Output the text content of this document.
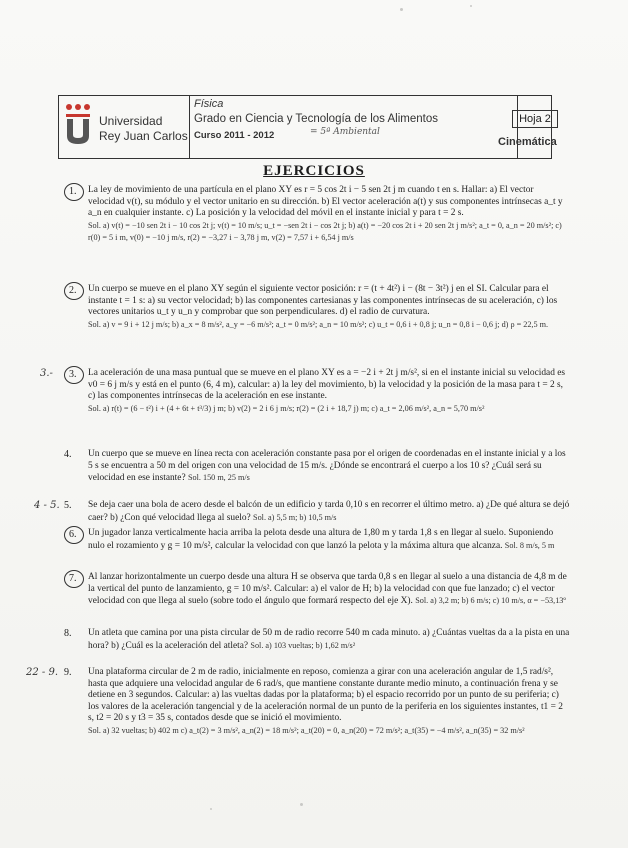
Universidad
Rey Juan Carlos
Física
Grado en Ciencia y Tecnología de los Alimentos
Curso 2011 - 2012	= 5ª Ambiental
Hoja 2
Cinemática
EJERCICIOS
1. La ley de movimiento de una partícula en el plano XY es r = 5 cos 2t i − 5 sen 2t j m cuando t en s. Hallar: a) El vector velocidad v(t), su módulo y el vector unitario en su dirección. b) El vector aceleración a(t) y sus componentes intrínsecas a_t y a_n en cualquier instante. c) La posición y la velocidad del móvil en el instante inicial y para t = 2 s.
Sol. a) v(t) = −10 sen 2t i − 10 cos 2t j; v(t) = 10 m/s; u_t = −sen 2t i − cos 2t j; b) a(t) = −20 cos 2t i + 20 sen 2t j m/s²; a_t = 0, a_n = 20 m/s²; c) r(0) = 5 i m, v(0) = −10 j m/s, r(2) = −3,27 i − 3,78 j m, v(2) = 7,57 i + 6,54 j m/s
2. Un cuerpo se mueve en el plano XY según el siguiente vector posición: r = (t + 4t²) i − (8t − 3t²) j en el SI. Calcular para el instante t = 1 s: a) su vector velocidad; b) las componentes cartesianas y las componentes intrínsecas de su aceleración, c) los vectores unitarios u_t y u_n y comprobar que son perpendiculares. d) el radio de curvatura.
Sol. a) v = 9 i + 12 j m/s; b) a_x = 8 m/s², a_y = −6 m/s²; a_t = 0 m/s²; a_n = 10 m/s²; c) u_t = 0,6 i + 0,8 j; u_n = 0,8 i − 0,6 j; d) ρ = 22,5 m.
3.- 3. La aceleración de una masa puntual que se mueve en el plano XY es a = −2 i + 2t j m/s², si en el instante inicial su velocidad es v0 = 6 j m/s y está en el punto (6, 4 m), calcular: a) la ley del movimiento, b) la velocidad y la posición de la masa para t = 2 s, c) las componentes intrínsecas de la aceleración en ese instante.
Sol. a) r(t) = (6 − t²) i + (4 + 6t + t³/3) j m; b) v(2) = 2 i 6 j m/s; r(2) = (2 i + 18,7 j) m; c) a_t = 2,06 m/s², a_n = 5,70 m/s²
4. Un cuerpo que se mueve en línea recta con aceleración constante pasa por el origen de coordenadas en el instante inicial y a los 5 s se encuentra a 50 m del origen con una velocidad de 15 m/s. ¿Dónde se encontrará el cuerpo a los 10 s? ¿Cuál será su velocidad en ese instante? Sol. 150 m, 25 m/s
4 - 5. 5. Se deja caer una bola de acero desde el balcón de un edificio y tarda 0,10 s en recorrer el último metro. a) ¿De qué altura se dejó caer? b) ¿Con qué velocidad llega al suelo? Sol. a) 5,5 m; b) 10,5 m/s
6. Un jugador lanza verticalmente hacia arriba la pelota desde una altura de 1,80 m y tarda 1,8 s en llegar al suelo. Suponiendo nulo el rozamiento y g = 10 m/s², calcular la velocidad con que lanzó la pelota y la máxima altura que alcanza. Sol. 8 m/s, 5 m
7. Al lanzar horizontalmente un cuerpo desde una altura H se observa que tarda 0,8 s en llegar al suelo a una distancia de 4,8 m de la vertical del punto de lanzamiento, g = 10 m/s². Calcular: a) el valor de H; b) la velocidad con que fue lanzado; c) el vector velocidad con que llega al suelo (sobre todo el ángulo que formará respecto del eje X). Sol. a) 3,2 m; b) 6 m/s; c) 10 m/s, α = −53,13º
8. Un atleta que camina por una pista circular de 50 m de radio recorre 540 m cada minuto. a) ¿Cuántas vueltas da a la pista en una hora? b) ¿Cuál es la aceleración del atleta? Sol. a) 103 vueltas; b) 1,62 m/s²
22 - 9. 9. Una plataforma circular de 2 m de radio, inicialmente en reposo, comienza a girar con una aceleración angular de 1,5 rad/s², hasta que adquiere una velocidad angular de 6 rad/s, que mantiene constante durante medio minuto, a continuación frena y se detiene en 3 segundos. Calcular: a) las vueltas dadas por la plataforma; b) el espacio recorrido por un punto de su periferia; c) los valores de la aceleración tangencial y de la aceleración normal de un punto de la periferia en los siguientes instantes, t1 = 2 s, t2 = 20 s y t3 = 35 s, contados desde que se inició el movimiento.
Sol. a) 32 vueltas; b) 402 m c) a_t(2) = 3 m/s², a_n(2) = 18 m/s²; a_t(20) = 0, a_n(20) = 72 m/s²; a_t(35) = −4 m/s², a_n(35) = 32 m/s²
